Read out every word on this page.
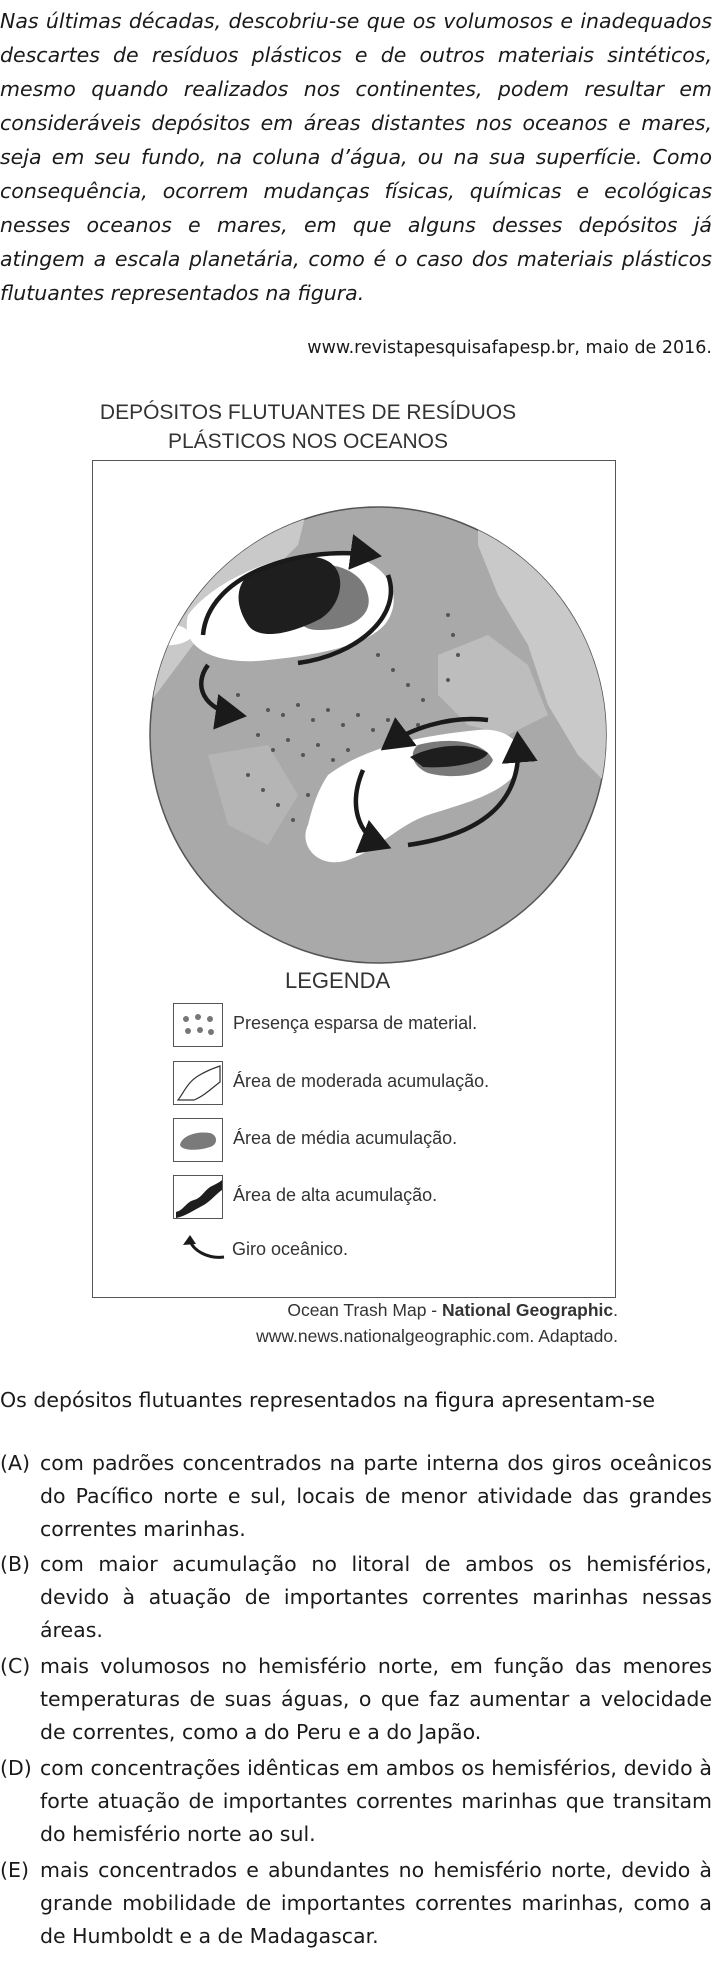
Nas últimas décadas, descobriu-se que os volumosos e inadequados descartes de resíduos plásticos e de outros materiais sintéticos, mesmo quando realizados nos continentes, podem resultar em consideráveis depósitos em áreas distantes nos oceanos e mares, seja em seu fundo, na coluna d’água, ou na sua superfície. Como consequência, ocorrem mudanças físicas, químicas e ecológicas nesses oceanos e mares, em que alguns desses depósitos já atingem a escala planetária, como é o caso dos materiais plásticos flutuantes representados na figura.

www.revistapesquisafapesp.br, maio de 2016.

DEPÓSITOS FLUTUANTES DE RESÍDUOS
PLÁSTICOS NOS OCEANOS
LEGENDA
Presença esparsa de material.
Área de moderada acumulação.
Área de média acumulação.
Área de alta acumulação.
Giro oceânico.
Ocean Trash Map - National Geographic.
www.news.nationalgeographic.com. Adaptado.
Os depósitos flutuantes representados na figura apresentam-se
(A) com padrões concentrados na parte interna dos giros oceânicos do Pacífico norte e sul, locais de menor atividade das grandes correntes marinhas.
(B) com maior acumulação no litoral de ambos os hemisférios, devido à atuação de importantes correntes marinhas nessas áreas.
(C) mais volumosos no hemisfério norte, em função das menores temperaturas de suas águas, o que faz aumentar a velocidade de correntes, como a do Peru e a do Japão.
(D) com concentrações idênticas em ambos os hemisférios, devido à forte atuação de importantes correntes marinhas que transitam do hemisfério norte ao sul.
(E) mais concentrados e abundantes no hemisfério norte, devido à grande mobilidade de importantes correntes marinhas, como a de Humboldt e a de Madagascar.
